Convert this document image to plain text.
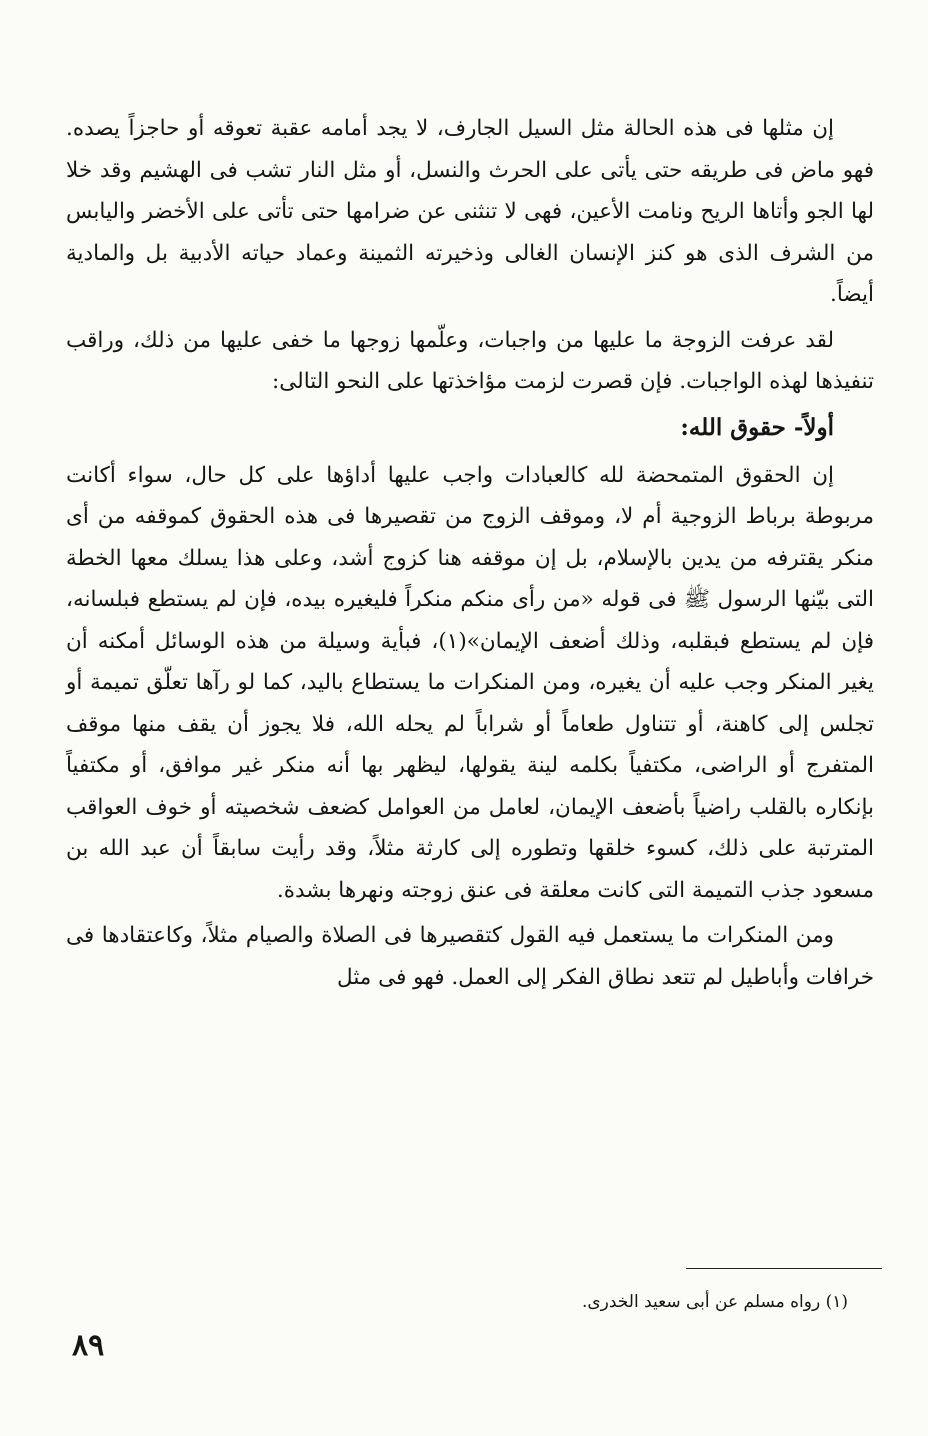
إن مثلها فى هذه الحالة مثل السيل الجارف، لا يجد أمامه عقبة تعوقه أو حاجزاً يصده. فهو ماض فى طريقه حتى يأتى على الحرث والنسل، أو مثل النار تشب فى الهشيم وقد خلا لها الجو وأتاها الريح ونامت الأعين، فهى لا تنثنى عن ضرامها حتى تأتى على الأخضر واليابس من الشرف الذى هو كنز الإنسان الغالى وذخيرته الثمينة وعماد حياته الأدبية بل والمادية أيضاً.

لقد عرفت الزوجة ما عليها من واجبات، وعلّمها زوجها ما خفى عليها من ذلك، وراقب تنفيذها لهذه الواجبات. فإن قصرت لزمت مؤاخذتها على النحو التالى:

أولاً- حقوق الله:

إن الحقوق المتمحضة لله كالعبادات واجب عليها أداؤها على كل حال، سواء أكانت مربوطة برباط الزوجية أم لا، وموقف الزوج من تقصيرها فى هذه الحقوق كموقفه من أى منكر يقترفه من يدين بالإسلام، بل إن موقفه هنا كزوج أشد، وعلى هذا يسلك معها الخطة التى بيّنها الرسول ﷺ فى قوله «من رأى منكم منكراً فليغيره بيده، فإن لم يستطع فبلسانه، فإن لم يستطع فبقلبه، وذلك أضعف الإيمان»(١)، فبأية وسيلة من هذه الوسائل أمكنه أن يغير المنكر وجب عليه أن يغيره، ومن المنكرات ما يستطاع باليد، كما لو رآها تعلّق تميمة أو تجلس إلى كاهنة، أو تتناول طعاماً أو شراباً لم يحله الله، فلا يجوز أن يقف منها موقف المتفرج أو الراضى، مكتفياً بكلمه لينة يقولها، ليظهر بها أنه منكر غير موافق، أو مكتفياً بإنكاره بالقلب راضياً بأضعف الإيمان، لعامل من العوامل كضعف شخصيته أو خوف العواقب المترتبة على ذلك، كسوء خلقها وتطوره إلى كارثة مثلاً، وقد رأيت سابقاً أن عبد الله بن مسعود جذب التميمة التى كانت معلقة فى عنق زوجته ونهرها بشدة.

ومن المنكرات ما يستعمل فيه القول كتقصيرها فى الصلاة والصيام مثلاً، وكاعتقادها فى خرافات وأباطيل لم تتعد نطاق الفكر إلى العمل. فهو فى مثل

(١) رواه مسلم عن أبى سعيد الخدرى.
٨٩
